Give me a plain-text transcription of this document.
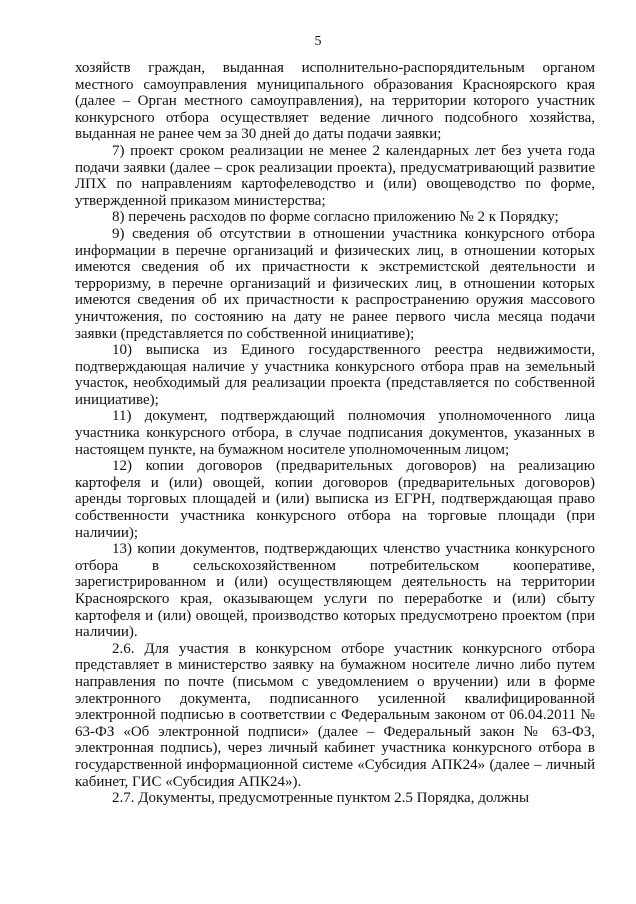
5

хозяйств граждан, выданная исполнительно-распорядительным органом местного самоуправления муниципального образования Красноярского края (далее – Орган местного самоуправления), на территории которого участник конкурсного отбора осуществляет ведение личного подсобного хозяйства, выданная не ранее чем за 30 дней до даты подачи заявки;

7) проект сроком реализации не менее 2 календарных лет без учета года подачи заявки (далее – срок реализации проекта), предусматривающий развитие ЛПХ по направлениям картофелеводство и (или) овощеводство по форме, утвержденной приказом министерства;

8) перечень расходов по форме согласно приложению № 2 к Порядку;

9) сведения об отсутствии в отношении участника конкурсного отбора информации в перечне организаций и физических лиц, в отношении которых имеются сведения об их причастности к экстремистской деятельности и терроризму, в перечне организаций и физических лиц, в отношении которых имеются сведения об их причастности к распространению оружия массового уничтожения, по состоянию на дату не ранее первого числа месяца подачи заявки (представляется по собственной инициативе);

10) выписка из Единого государственного реестра недвижимости, подтверждающая наличие у участника конкурсного отбора прав на земельный участок, необходимый для реализации проекта (представляется по собственной инициативе);

11) документ, подтверждающий полномочия уполномоченного лица участника конкурсного отбора, в случае подписания документов, указанных в настоящем пункте, на бумажном носителе уполномоченным лицом;

12) копии договоров (предварительных договоров) на реализацию картофеля и (или) овощей, копии договоров (предварительных договоров) аренды торговых площадей и (или) выписка из ЕГРН, подтверждающая право собственности участника конкурсного отбора на торговые площади (при наличии);

13) копии документов, подтверждающих членство участника конкурсного отбора в сельскохозяйственном потребительском кооперативе, зарегистрированном и (или) осуществляющем деятельность на территории Красноярского края, оказывающем услуги по переработке и (или) сбыту картофеля и (или) овощей, производство которых предусмотрено проектом (при наличии).

2.6. Для участия в конкурсном отборе участник конкурсного отбора представляет в министерство заявку на бумажном носителе лично либо путем направления по почте (письмом с уведомлением о вручении) или в форме электронного документа, подписанного усиленной квалифицированной электронной подписью в соответствии с Федеральным законом от 06.04.2011 № 63-ФЗ «Об электронной подписи» (далее – Федеральный закон № 63-ФЗ, электронная подпись), через личный кабинет участника конкурсного отбора в государственной информационной системе «Субсидия АПК24» (далее – личный кабинет, ГИС «Субсидия АПК24»).

2.7. Документы, предусмотренные пунктом 2.5 Порядка, должны
